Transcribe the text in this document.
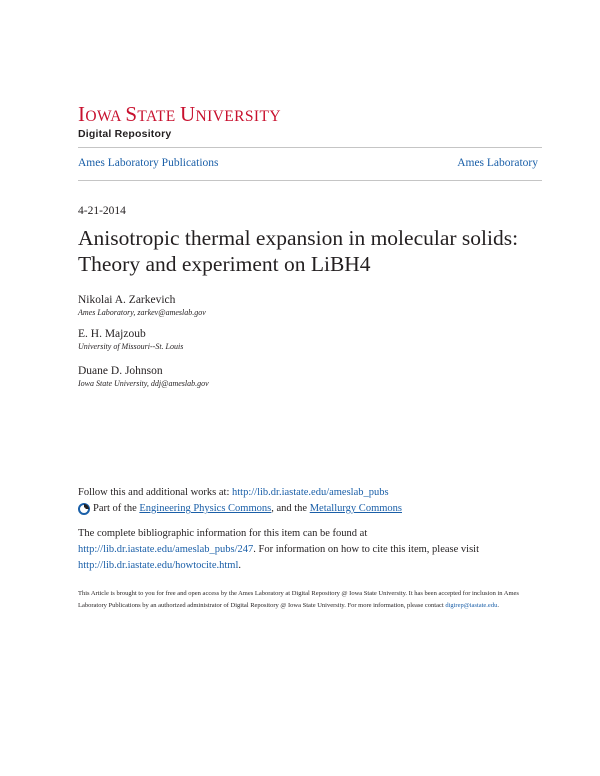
IOWA STATE UNIVERSITY
Digital Repository
Ames Laboratory Publications	Ames Laboratory
4-21-2014
Anisotropic thermal expansion in molecular solids: Theory and experiment on LiBH4
Nikolai A. Zarkevich
Ames Laboratory, zarkev@ameslab.gov
E. H. Majzoub
University of Missouri--St. Louis
Duane D. Johnson
Iowa State University, ddj@ameslab.gov
Follow this and additional works at: http://lib.dr.iastate.edu/ameslab_pubs
Part of the Engineering Physics Commons, and the Metallurgy Commons
The complete bibliographic information for this item can be found at http://lib.dr.iastate.edu/ameslab_pubs/247. For information on how to cite this item, please visit http://lib.dr.iastate.edu/howtocite.html.
This Article is brought to you for free and open access by the Ames Laboratory at Digital Repository @ Iowa State University. It has been accepted for inclusion in Ames Laboratory Publications by an authorized administrator of Digital Repository @ Iowa State University. For more information, please contact digirep@iastate.edu.
